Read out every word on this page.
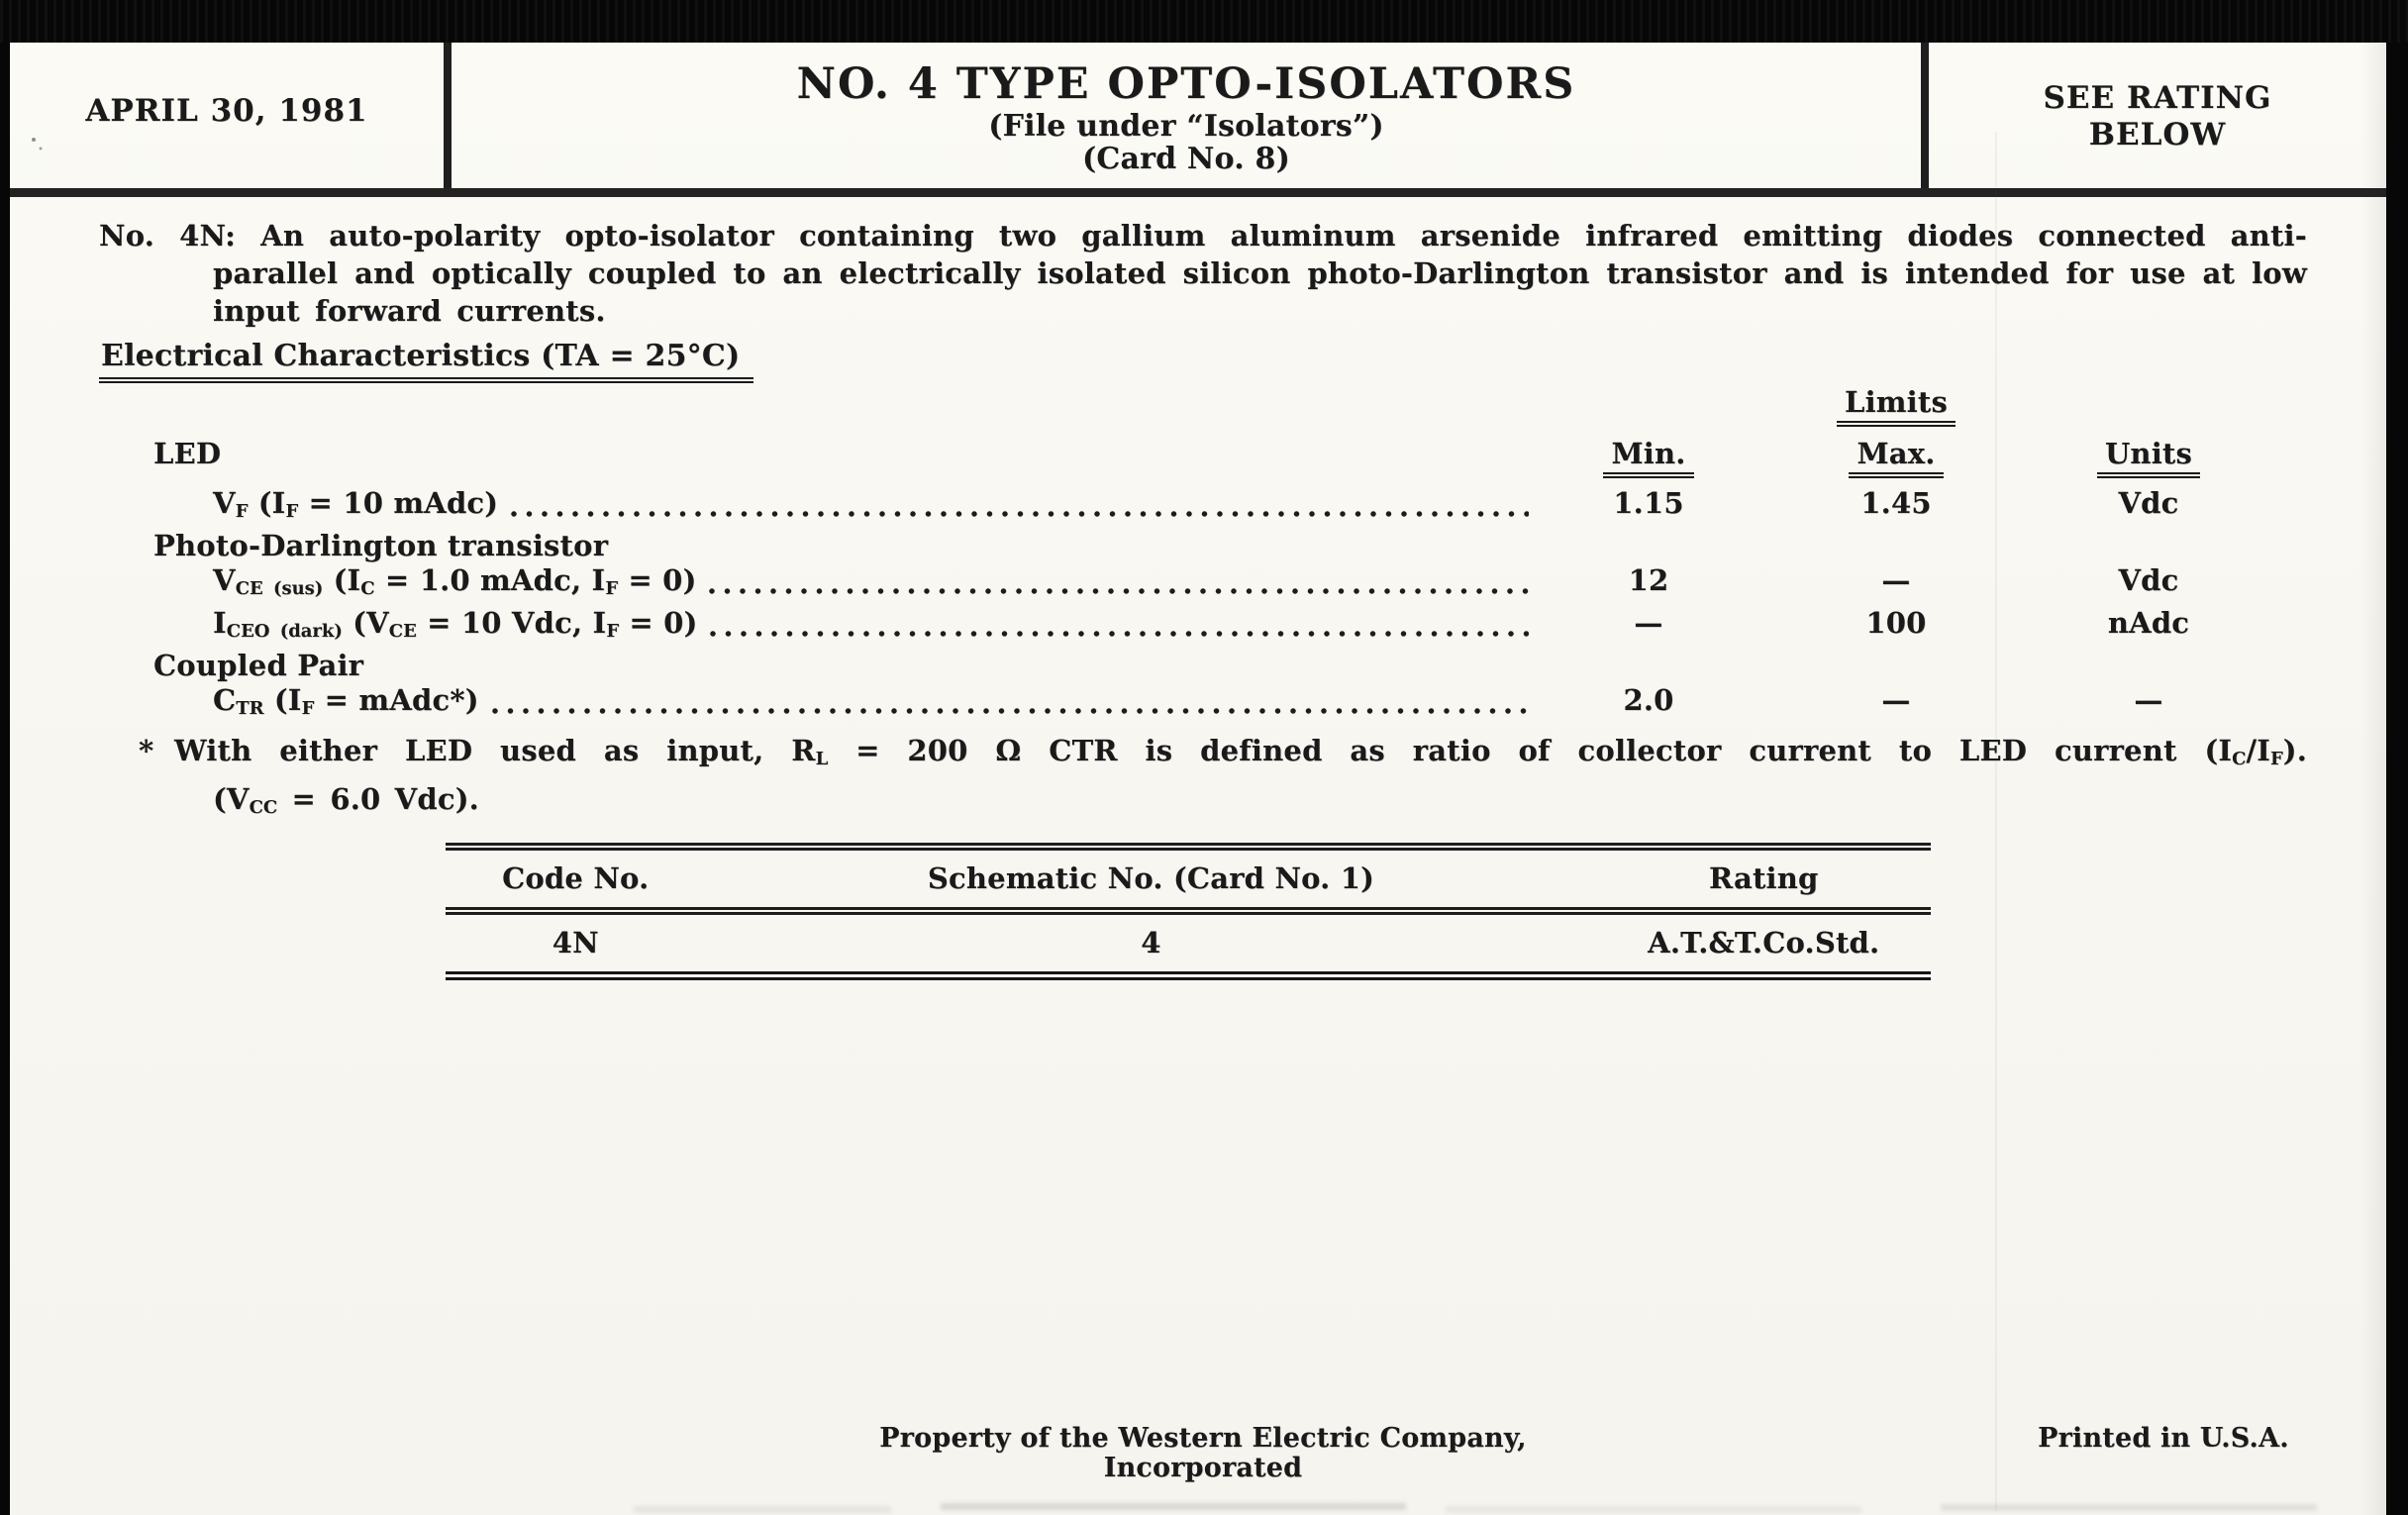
APRIL 30, 1981
NO. 4 TYPE OPTO-ISOLATORS
(File under “Isolators”)
(Card No. 8)
SEE RATING
BELOW
No. 4N: An auto-polarity opto-isolator containing two gallium aluminum arsenide infrared emitting diodes connected anti-
parallel and optically coupled to an electrically isolated silicon photo-Darlington transistor and is intended for use at low
input forward currents.
Electrical Characteristics (TA = 25°C)
Limits
LED	Min.	Max.	Units
$V_F$ ($I_F = 10$ mAdc)	1.15	1.45	Vdc
Photo-Darlington transistor
$V_{CE}$ $_{(sus)}$ ($I_C = 1.0$ mAdc, $I_F = 0$)	12	—	Vdc
$I_{CEO}$ $_{(dark)}$ ($V_{CE} = 10$ Vdc, $I_F = 0$)	—	100	nAdc
Coupled Pair
$C_{TR}$ ($I_F$ = mAdc*)	2.0	—	—
* With either LED used as input, $R_L = 200$ Ω CTR is defined as ratio of collector current to LED current $(I_C/I_F)$.
($V_{CC} = 6.0$ Vdc).
Code No.	Schematic No. (Card No. 1)	Rating
4N	4	A.T.&T.Co.Std.
Property of the Western Electric Company, Incorporated
Printed in U.S.A.
